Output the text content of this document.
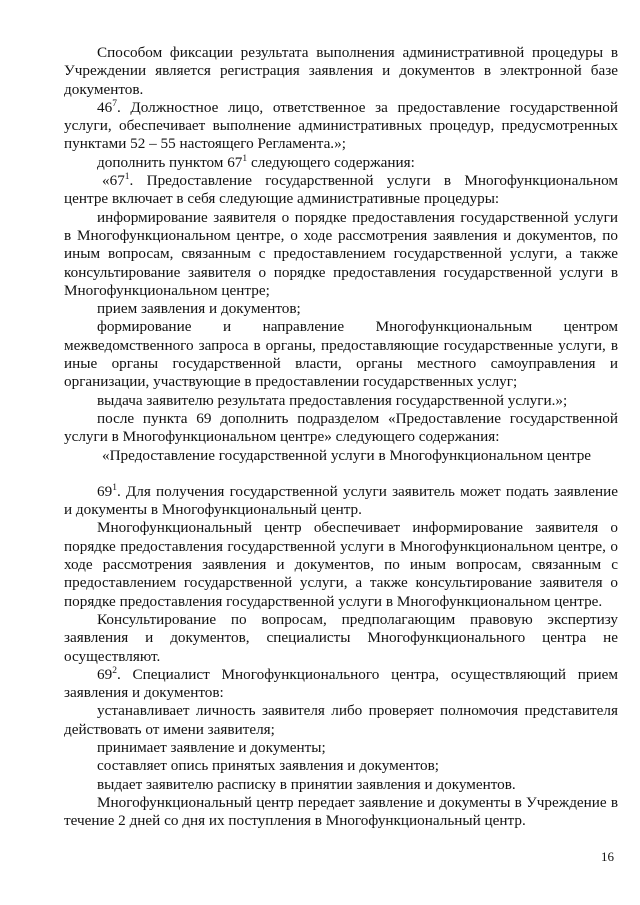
Способом фиксации результата выполнения административной процедуры в Учреждении является регистрация заявления и документов в электронной базе документов.

$46^7$. Должностное лицо, ответственное за предоставление государственной услуги, обеспечивает выполнение административных процедур, предусмотренных пунктами 52 – 55 настоящего Регламента.»;

дополнить пунктом $67^1$ следующего содержания:

«$67^1$. Предоставление государственной услуги в Многофункциональном центре включает в себя следующие административные процедуры:

информирование заявителя о порядке предоставления государственной услуги в Многофункциональном центре, о ходе рассмотрения заявления и документов, по иным вопросам, связанным с предоставлением государственной услуги, а также консультирование заявителя о порядке предоставления государственной услуги в Многофункциональном центре;

прием заявления и документов;

формирование и направление Многофункциональным центром межведомственного запроса в органы, предоставляющие государственные услуги, в иные органы государственной власти, органы местного самоуправления и организации, участвующие в предоставлении государственных услуг;

выдача заявителю результата предоставления государственной услуги.»;

после пункта 69 дополнить подразделом «Предоставление государственной услуги в Многофункциональном центре» следующего содержания:

«Предоставление государственной услуги в Многофункциональном центре

$69^1$. Для получения государственной услуги заявитель может подать заявление и документы в Многофункциональный центр.

Многофункциональный центр обеспечивает информирование заявителя о порядке предоставления государственной услуги в Многофункциональном центре, о ходе рассмотрения заявления и документов, по иным вопросам, связанным с предоставлением государственной услуги, а также консультирование заявителя о порядке предоставления государственной услуги в Многофункциональном центре.

Консультирование по вопросам, предполагающим правовую экспертизу заявления и документов, специалисты Многофункционального центра не осуществляют.

$69^2$. Специалист Многофункционального центра, осуществляющий прием заявления и документов:

устанавливает личность заявителя либо проверяет полномочия представителя действовать от имени заявителя;

принимает заявление и документы;

составляет опись принятых заявления и документов;

выдает заявителю расписку в принятии заявления и документов.

Многофункциональный центр передает заявление и документы в Учреждение в течение 2 дней со дня их поступления в Многофункциональный центр.

16
